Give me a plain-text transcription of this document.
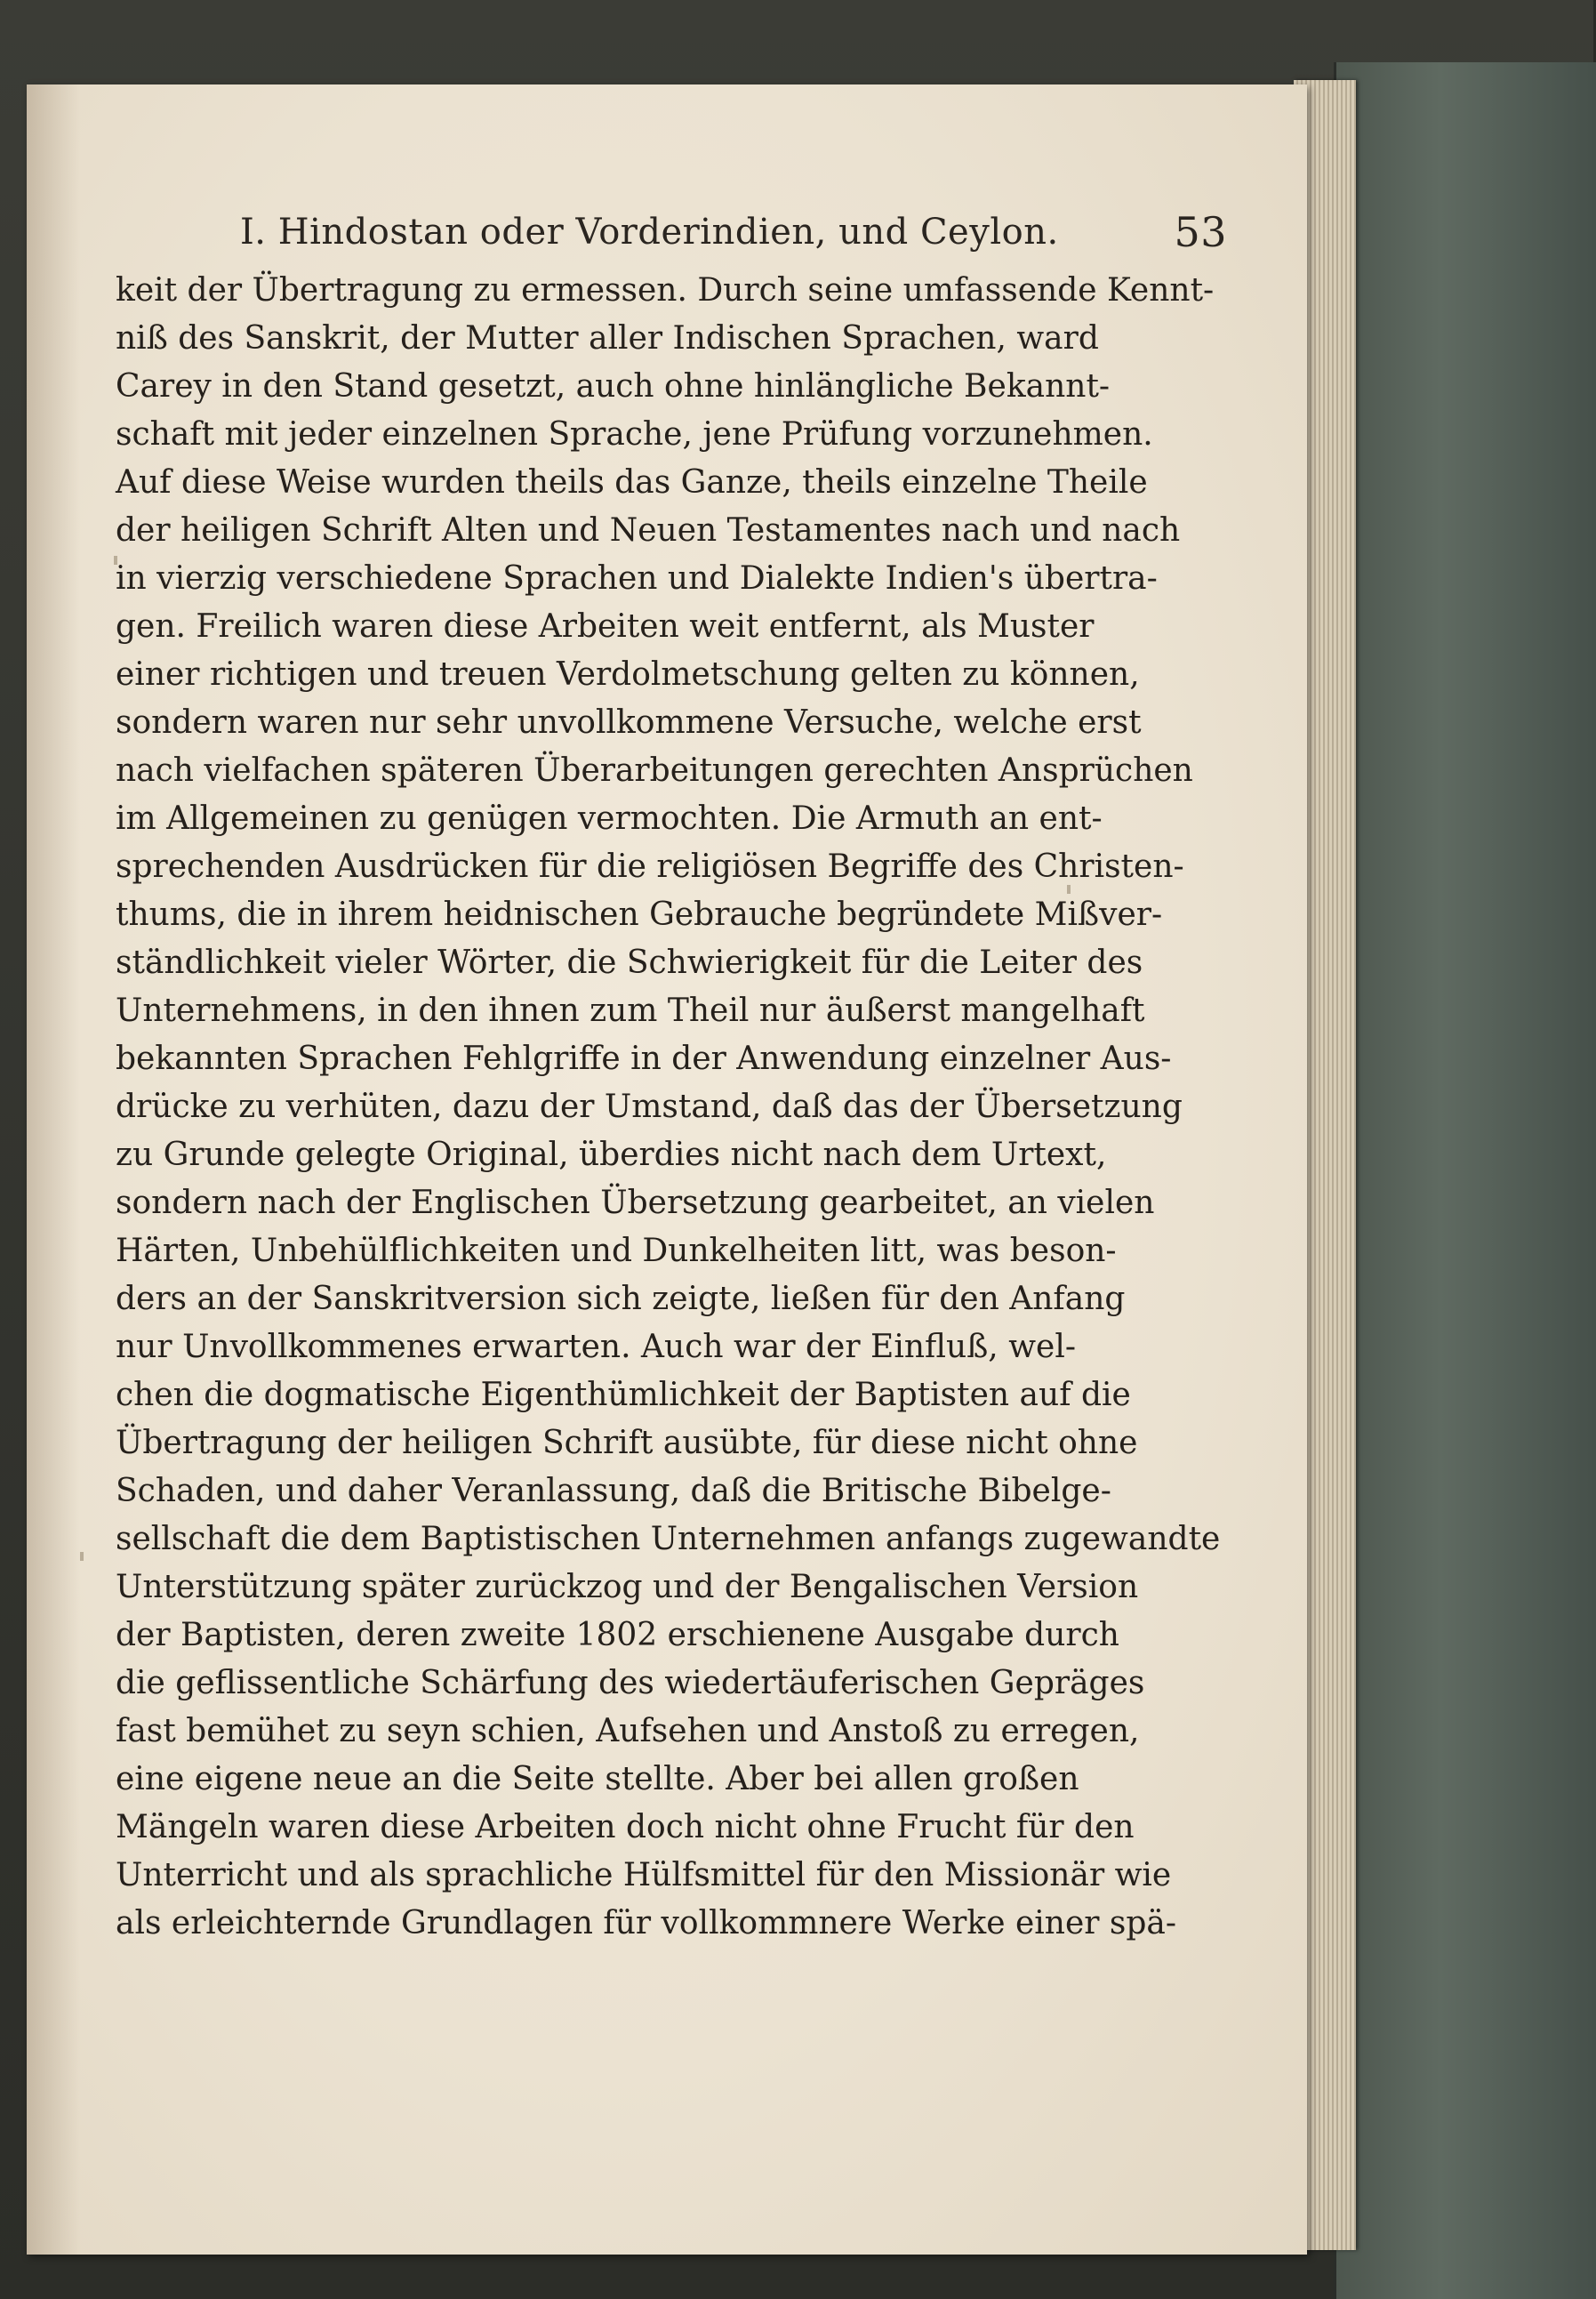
I. Hindostan oder Vorderindien, und Ceylon.	53
keit der Übertragung zu ermessen. Durch seine umfassende Kennt-
niß des Sanskrit, der Mutter aller Indischen Sprachen, ward
Carey in den Stand gesetzt, auch ohne hinlängliche Bekannt-
schaft mit jeder einzelnen Sprache, jene Prüfung vorzunehmen.
Auf diese Weise wurden theils das Ganze, theils einzelne Theile
der heiligen Schrift Alten und Neuen Testamentes nach und nach
in vierzig verschiedene Sprachen und Dialekte Indien's übertra-
gen. Freilich waren diese Arbeiten weit entfernt, als Muster
einer richtigen und treuen Verdolmetschung gelten zu können,
sondern waren nur sehr unvollkommene Versuche, welche erst
nach vielfachen späteren Überarbeitungen gerechten Ansprüchen
im Allgemeinen zu genügen vermochten. Die Armuth an ent-
sprechenden Ausdrücken für die religiösen Begriffe des Christen-
thums, die in ihrem heidnischen Gebrauche begründete Mißver-
ständlichkeit vieler Wörter, die Schwierigkeit für die Leiter des
Unternehmens, in den ihnen zum Theil nur äußerst mangelhaft
bekannten Sprachen Fehlgriffe in der Anwendung einzelner Aus-
drücke zu verhüten, dazu der Umstand, daß das der Übersetzung
zu Grunde gelegte Original, überdies nicht nach dem Urtext,
sondern nach der Englischen Übersetzung gearbeitet, an vielen
Härten, Unbehülflichkeiten und Dunkelheiten litt, was beson-
ders an der Sanskritversion sich zeigte, ließen für den Anfang
nur Unvollkommenes erwarten. Auch war der Einfluß, wel-
chen die dogmatische Eigenthümlichkeit der Baptisten auf die
Übertragung der heiligen Schrift ausübte, für diese nicht ohne
Schaden, und daher Veranlassung, daß die Britische Bibelge-
sellschaft die dem Baptistischen Unternehmen anfangs zugewandte
Unterstützung später zurückzog und der Bengalischen Version
der Baptisten, deren zweite 1802 erschienene Ausgabe durch
die geflissentliche Schärfung des wiedertäuferischen Gepräges
fast bemühet zu seyn schien, Aufsehen und Anstoß zu erregen,
eine eigene neue an die Seite stellte. Aber bei allen großen
Mängeln waren diese Arbeiten doch nicht ohne Frucht für den
Unterricht und als sprachliche Hülfsmittel für den Missionär wie
als erleichternde Grundlagen für vollkommnere Werke einer spä-
